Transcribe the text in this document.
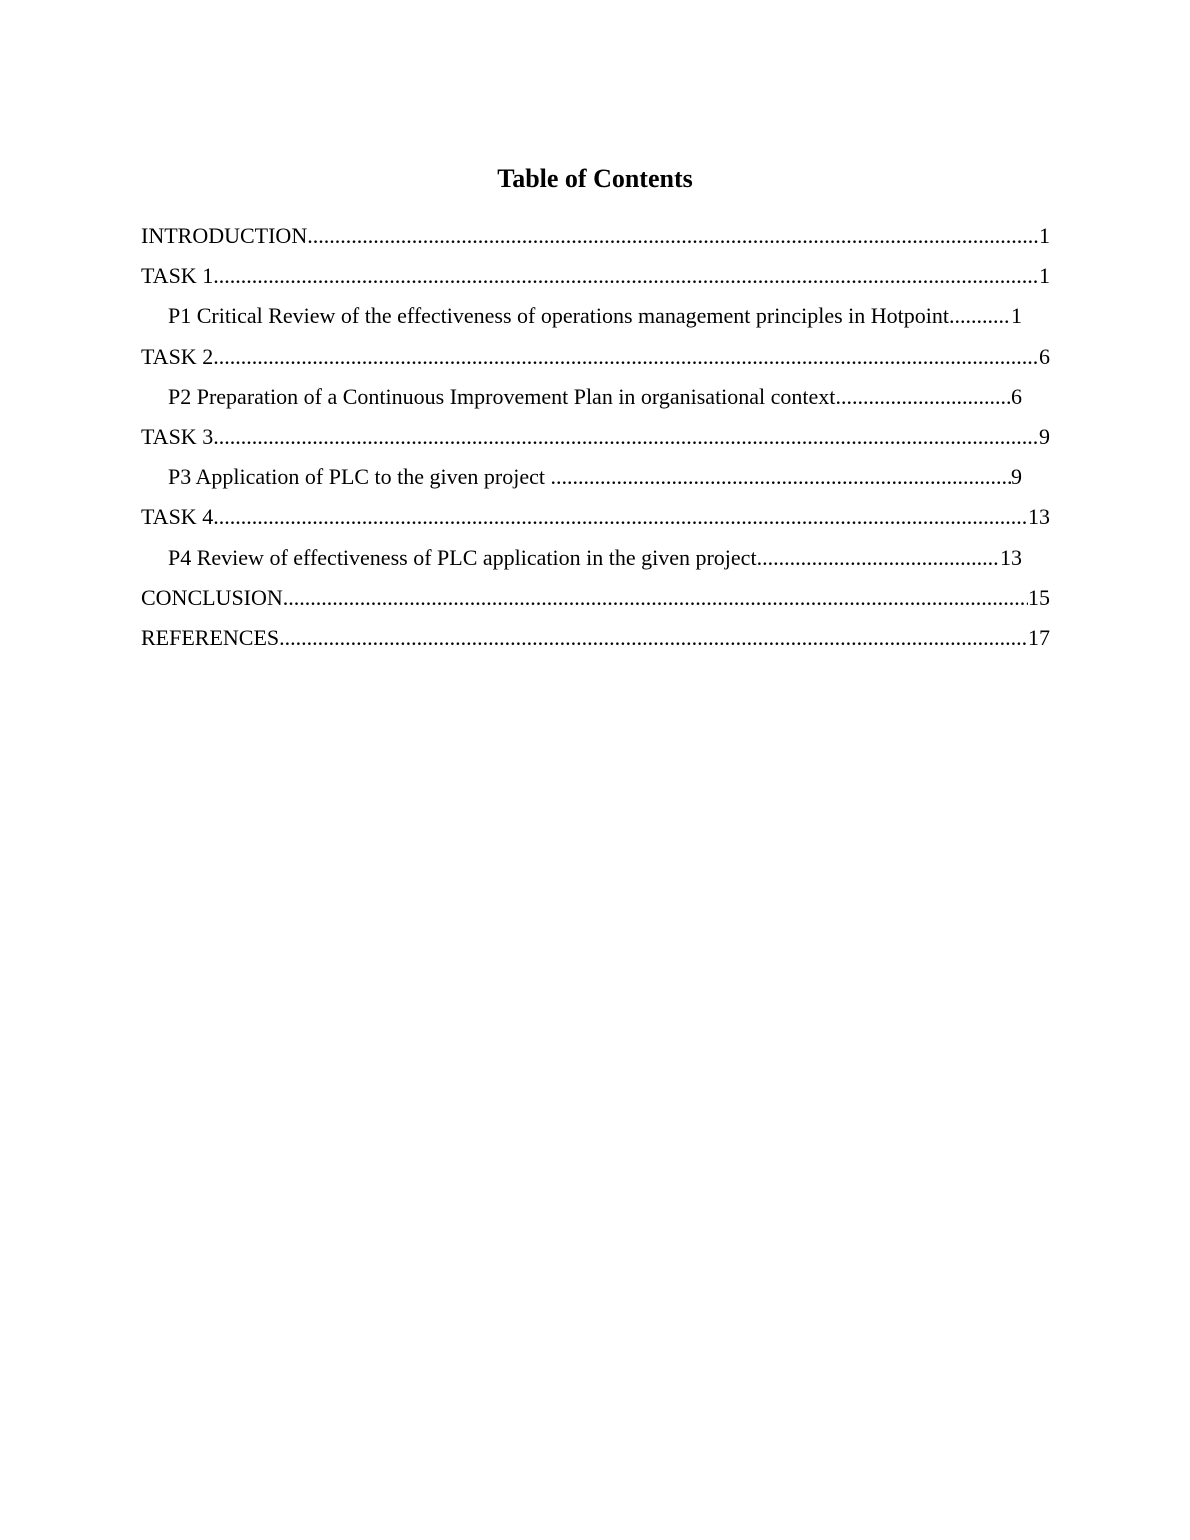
Table of Contents
INTRODUCTION .....	1
TASK 1 .....	1
P1 Critical Review of the effectiveness of operations management principles in Hotpoint .....	1
TASK 2 .....	6
P2 Preparation of a Continuous Improvement Plan in organisational context .....	6
TASK 3 .....	9
P3 Application of PLC to the given project .....	9
TASK 4 .....	13
P4 Review of effectiveness of PLC application in the given project .....	13
CONCLUSION .....	15
REFERENCES .....	17
